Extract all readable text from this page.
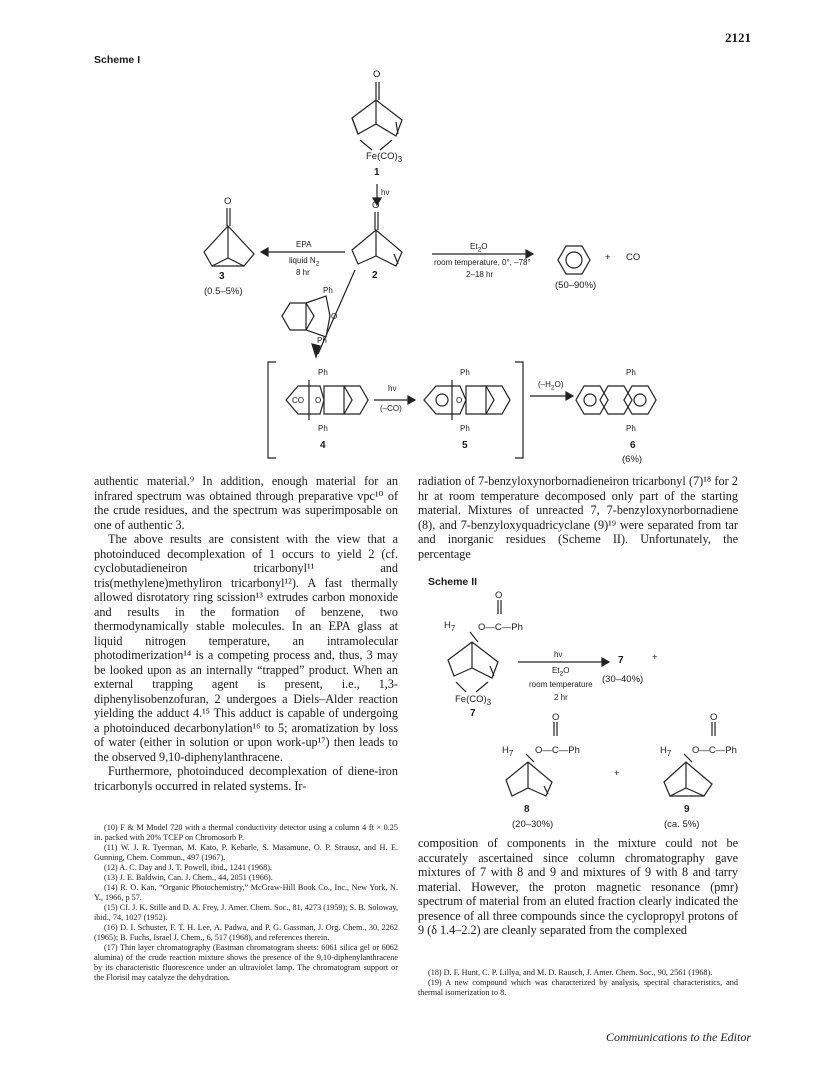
2121
Scheme I
O
$Fe(CO)_3$
1
hν
O
2
O
3
(0.5–5%)
EPA
liquid $N_2$
8 hr
$Et_2O$
room temperature, 0°, –78°
2–18 hr
+ CO
(50–90%)
Ph
O
Ph
Ph
CO O
Ph
4
hν
(–CO)
Ph
O
Ph
5
$(-H_2O)$
Ph
Ph
6
(6%)

authentic material.⁹ In addition, enough material for an infrared spectrum was obtained through preparative vpc¹⁰ of the crude residues, and the spectrum was superimposable on one of authentic 3.

The above results are consistent with the view that a photoinduced decomplexation of 1 occurs to yield 2 (cf. cyclobutadieneiron tricarbonyl¹¹ and tris(methylene)methyliron tricarbonyl¹²). A fast thermally allowed disrotatory ring scission¹³ extrudes carbon monoxide and results in the formation of benzene, two thermodynamically stable molecules. In an EPA glass at liquid nitrogen temperature, an intramolecular photodimerization¹⁴ is a competing process and, thus, 3 may be looked upon as an internally “trapped” product. When an external trapping agent is present, i.e., 1,3-diphenylisobenzofuran, 2 undergoes a Diels–Alder reaction yielding the adduct 4.¹⁵ This adduct is capable of undergoing a photoinduced decarbonylation¹⁶ to 5; aromatization by loss of water (either in solution or upon work-up¹⁷) then leads to the observed 9,10-diphenylanthracene.

Furthermore, photoinduced decomplexation of diene-iron tricarbonyls occurred in related systems. Ir-

(10) F & M Model 720 with a thermal conductivity detector using a column 4 ft × 0.25 in. packed with 20% TCEP on Chromosorb P.

(11) W. J. R. Tyerman, M. Kato, P. Kebarle, S. Masamune, O. P. Strausz, and H. E. Gunning, Chem. Commun., 497 (1967).

(12) A. C. Day and J. T. Powell, ibid., 1241 (1968).

(13) J. E. Baldwin, Can. J. Chem., 44, 2051 (1966).

(14) R. O. Kan, “Organic Photochemistry,” McGraw-Hill Book Co., Inc., New York, N. Y., 1966, p 57.

(15) Cf. J. K. Stille and D. A. Frey, J. Amer. Chem. Soc., 81, 4273 (1959); S. B. Soloway, ibid., 74, 1027 (1952).

(16) D. I. Schuster, F. T. H. Lee, A. Padwa, and P. G. Gassman, J. Org. Chem., 30, 2262 (1965); B. Fuchs, Israel J. Chem., 6, 517 (1968), and references therein.

(17) Thin layer chromatography (Eastman chromatogram sheets: 6061 silica gel or 6062 alumina) of the crude reaction mixture shows the presence of the 9,10-diphenylanthracene by its characteristic fluorescence under an ultraviolet lamp. The chromatogram support or the Florisil may catalyze the dehydration.

radiation of 7-benzyloxynorbornadieneiron tricarbonyl (7)¹⁸ for 2 hr at room temperature decomposed only part of the starting material. Mixtures of unreacted 7, 7-benzyloxynorbornadiene (8), and 7-benzyloxyquadricyclane (9)¹⁹ were separated from tar and inorganic residues (Scheme II). Unfortunately, the percentage

Scheme II
O
$H_7$ O—C—Ph
$Fe(CO)_3$
7
hν
$Et_2O$
room temperature
2 hr
7	+
(30–40%)
O
$H_7$ O—C—Ph
8
(20–30%)
+
O
$H_7$ O—C—Ph
9
(ca. 5%)

composition of components in the mixture could not be accurately ascertained since column chromatography gave mixtures of 7 with 8 and 9 and mixtures of 9 with 8 and tarry material. However, the proton magnetic resonance (pmr) spectrum of material from an eluted fraction clearly indicated the presence of all three compounds since the cyclopropyl protons of 9 (δ 1.4–2.2) are cleanly separated from the complexed

(18) D. F. Hunt, C. P. Lillya, and M. D. Rausch, J. Amer. Chem. Soc., 90, 2561 (1968).

(19) A new compound which was characterized by analysis, spectral characteristics, and thermal isomerization to 8.

Communications to the Editor
